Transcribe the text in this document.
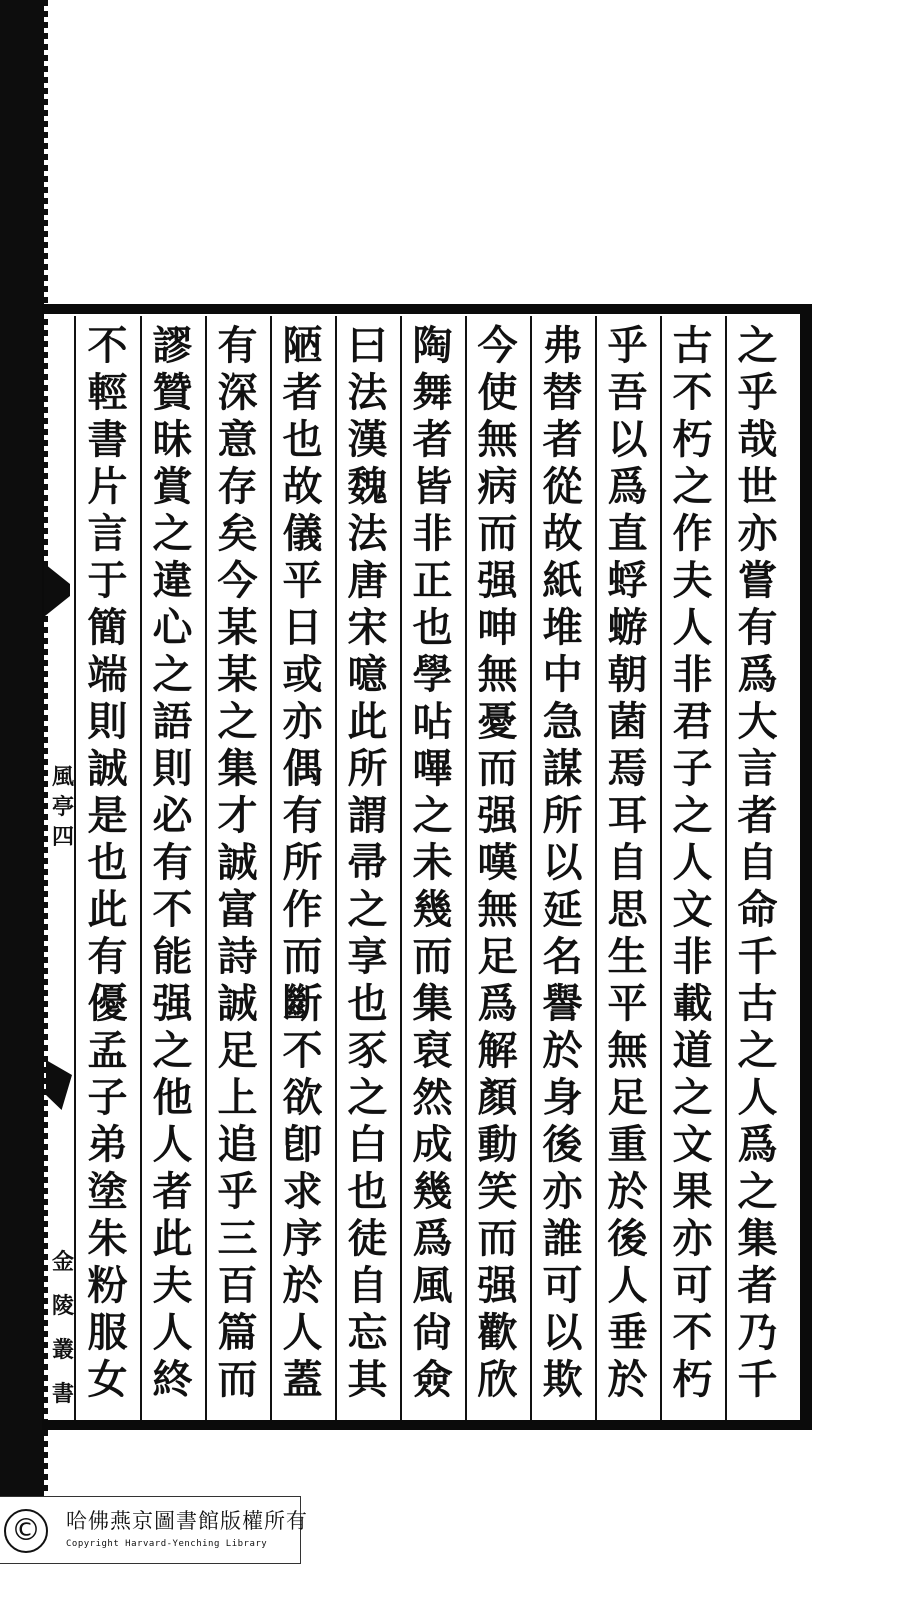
風亭四
金陵叢書
之
乎
哉
世
亦
嘗
有
爲
大
言
者
自
命
千
古
之
人
爲
之
集
者
乃
千
古
不
朽
之
作
夫
人
非
君
子
之
人
文
非
載
道
之
文
果
亦
可
不
朽
乎
吾
以
爲
直
蜉
蝣
朝
菌
焉
耳
自
思
生
平
無
足
重
於
後
人
垂
於
弗
替
者
從
故
紙
堆
中
急
謀
所
以
延
名
譽
於
身
後
亦
誰
可
以
欺
今
使
無
病
而
强
呻
無
憂
而
强
嘆
無
足
爲
解
顏
動
笑
而
强
歡
欣
陶
舞
者
皆
非
正
也
學
呫
嗶
之
未
幾
而
集
裒
然
成
幾
爲
風
尙
僉
曰
法
漢
魏
法
唐
宋
噫
此
所
謂
帚
之
享
也
豕
之
白
也
徒
自
忘
其
陋
者
也
故
儀
平
日
或
亦
偶
有
所
作
而
斷
不
欲
卽
求
序
於
人
蓋
有
深
意
存
矣
今
某
某
之
集
才
誠
富
詩
誠
足
上
追
乎
三
百
篇
而
謬
贊
昧
賞
之
違
心
之
語
則
必
有
不
能
强
之
他
人
者
此
夫
人
終
不
輕
書
片
言
于
簡
端
則
誠
是
也
此
有
優
孟
子
弟
塗
朱
粉
服
女
©	哈佛燕京圖書館版權所有
Copyright Harvard-Yenching Library
